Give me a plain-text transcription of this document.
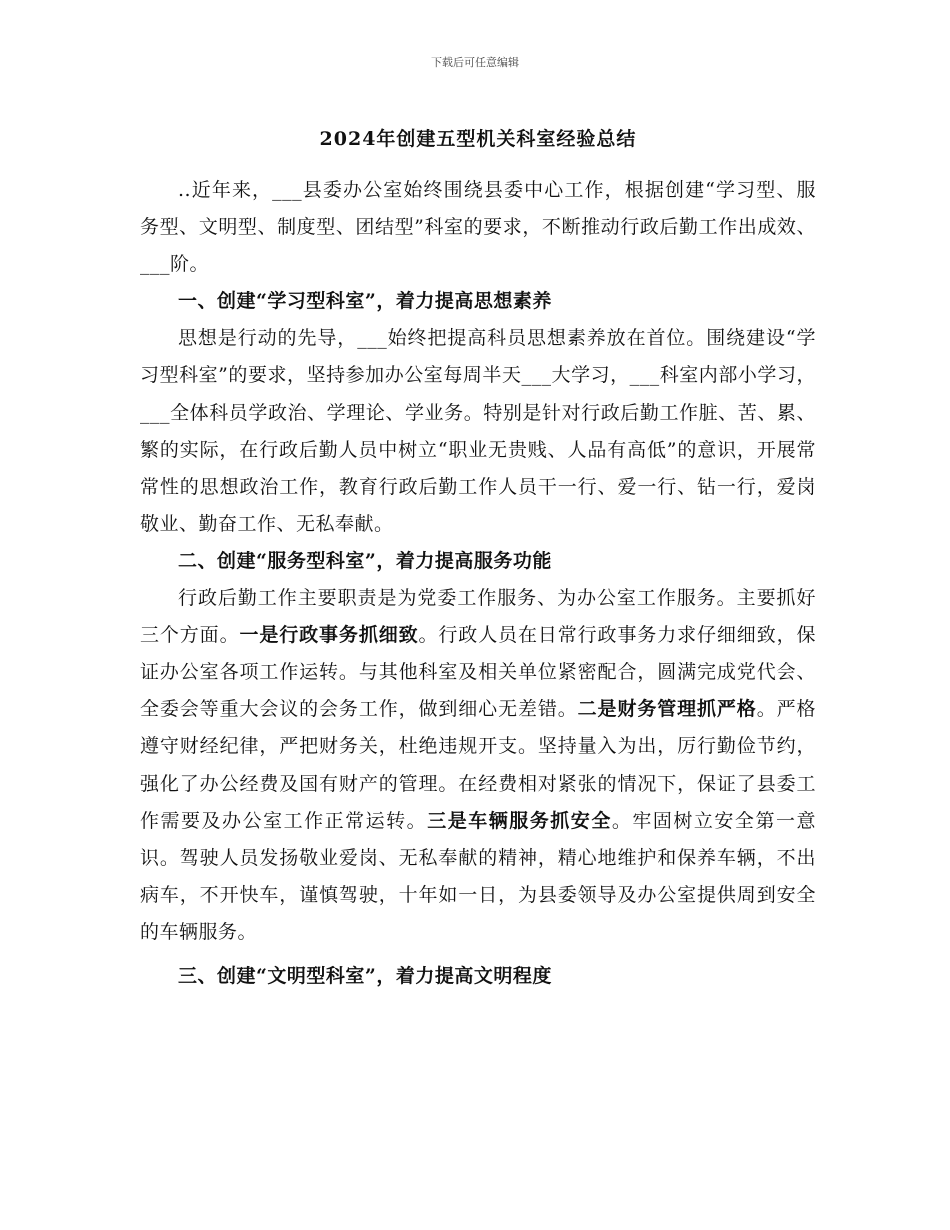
下载后可任意编辑
2024年创建五型机关科室经验总结

..近年来，___县委办公室始终围绕县委中心工作，根据创建“学习型、服务型、文明型、制度型、团结型”科室的要求，不断推动行政后勤工作出成效、___阶。

一、创建“学习型科室”，着力提高思想素养

思想是行动的先导，___始终把提高科员思想素养放在首位。围绕建设“学习型科室”的要求，坚持参加办公室每周半天___大学习，___科室内部小学习，___全体科员学政治、学理论、学业务。特别是针对行政后勤工作脏、苦、累、繁的实际，在行政后勤人员中树立“职业无贵贱、人品有高低”的意识，开展常常性的思想政治工作，教育行政后勤工作人员干一行、爱一行、钻一行，爱岗敬业、勤奋工作、无私奉献。

二、创建“服务型科室”，着力提高服务功能

行政后勤工作主要职责是为党委工作服务、为办公室工作服务。主要抓好三个方面。一是行政事务抓细致。行政人员在日常行政事务力求仔细细致，保证办公室各项工作运转。与其他科室及相关单位紧密配合，圆满完成党代会、全委会等重大会议的会务工作，做到细心无差错。二是财务管理抓严格。严格遵守财经纪律，严把财务关，杜绝违规开支。坚持量入为出，厉行勤俭节约，强化了办公经费及国有财产的管理。在经费相对紧张的情况下，保证了县委工作需要及办公室工作正常运转。三是车辆服务抓安全。牢固树立安全第一意识。驾驶人员发扬敬业爱岗、无私奉献的精神，精心地维护和保养车辆，不出病车，不开快车，谨慎驾驶，十年如一日，为县委领导及办公室提供周到安全的车辆服务。

三、创建“文明型科室”，着力提高文明程度
